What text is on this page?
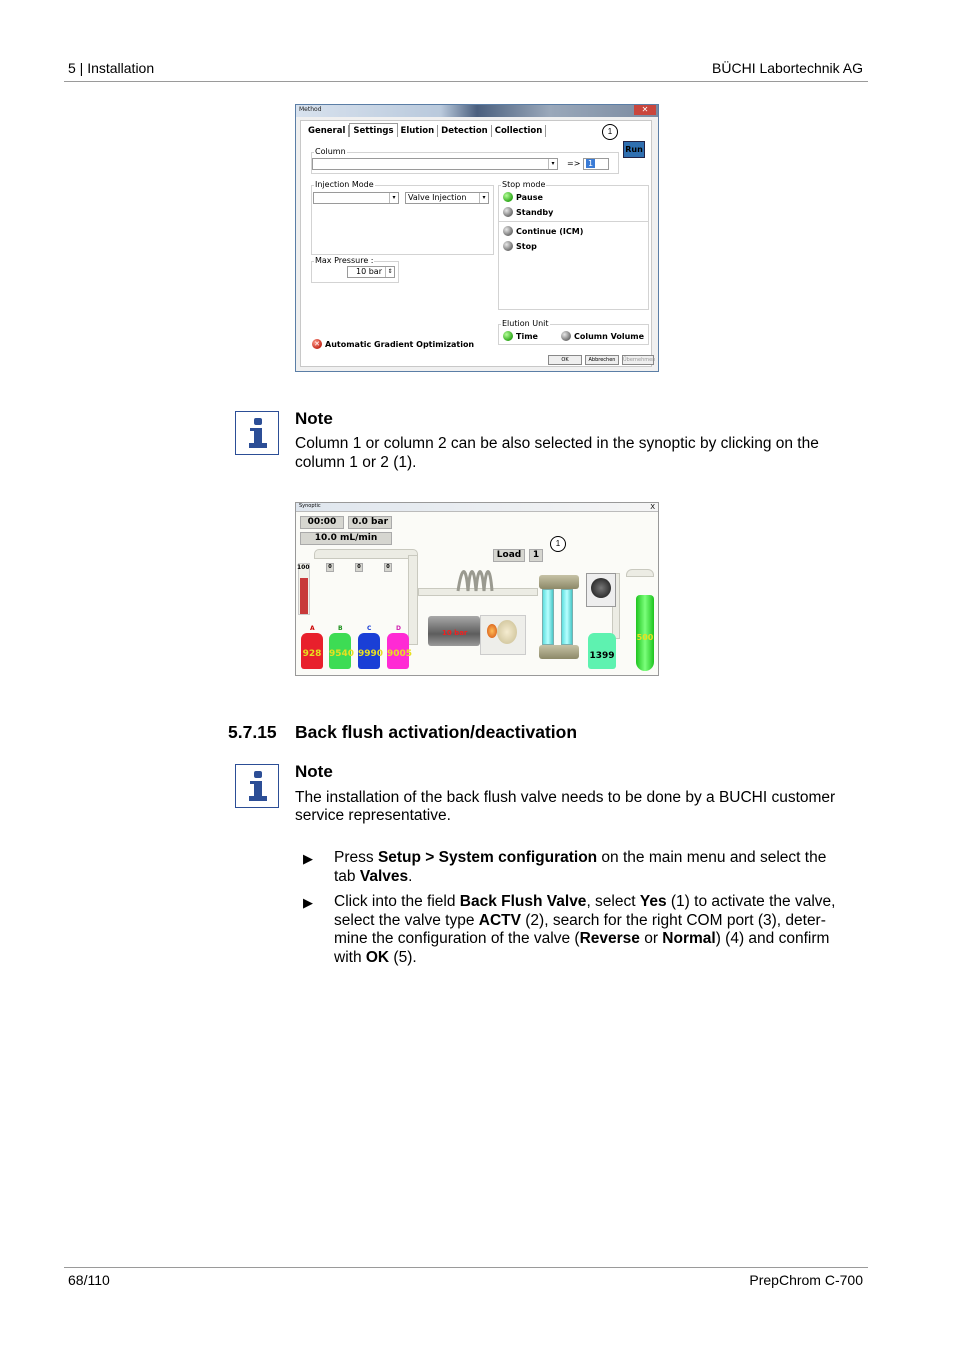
5 | Installation	BÜCHI Labortechnik AG
Method	✕
General Settings Elution Detection Collection	1
Column
▾	=> 1
Run
Injection Mode
▾	Valve Injection	▾
Max Pressure :
10 bar ⇕
Stop mode
Pause
Standby
Continue (ICM)
Stop
Elution Unit
Time	Column Volume
✕ Automatic Gradient Optimization
OK	Abbrechen	Übernehmen
Note
Column 1 or column 2 can be also selected in the synoptic by clicking on the
column 1 or 2 (1).
Synoptic	X
00:00	0.0 bar
10.0 mL/min
Load	1
1
100	0	0	0
928 9540 9990 9005
A	B	C	D
10 bar
1399
500
5.7.15 Back flush activation/deactivation
Note
The installation of the back flush valve needs to be done by a BUCHI customer
service representative.
▶ Press Setup > System configuration on the main menu and select the
tab Valves.
▶ Click into the field Back Flush Valve, select Yes (1) to activate the valve,
select the valve type ACTV (2), search for the right COM port (3), deter-
mine the configuration of the valve (Reverse or Normal) (4) and confirm
with OK (5).
68/110	PrepChrom C-700
